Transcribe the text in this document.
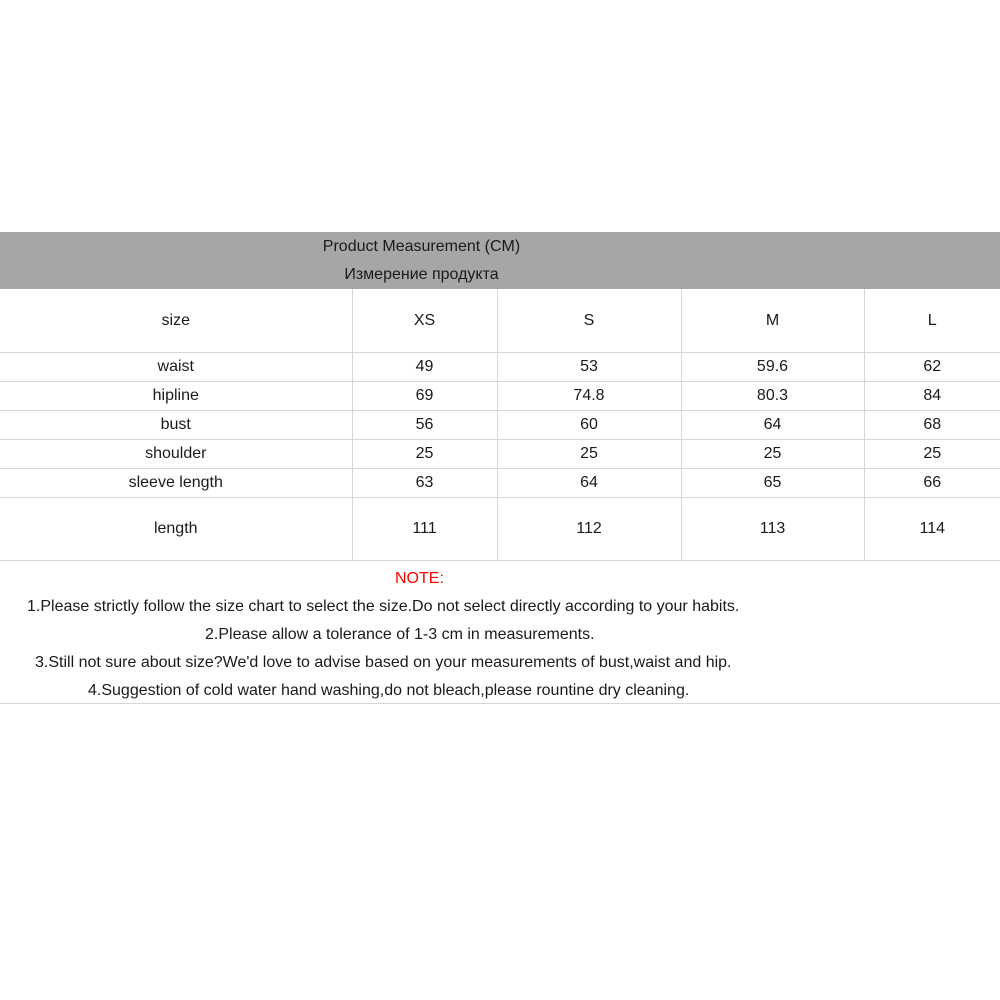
Product Measurement (CM)
Измерение продукта
size	XS	S	M	L
waist	49	53	59.6	62
hipline	69	74.8	80.3	84
bust	56	60	64	68
shoulder	25	25	25	25
sleeve length	63	64	65	66
length	111	112	113	114
NOTE:
1.Please strictly follow the size chart to select the size.Do not select directly according to your habits.
2.Please allow a tolerance of 1-3 cm in measurements.
3.Still not sure about size?We'd love to advise based on your measurements of bust,waist and hip.
4.Suggestion of cold water hand washing,do not bleach,please rountine dry cleaning.
